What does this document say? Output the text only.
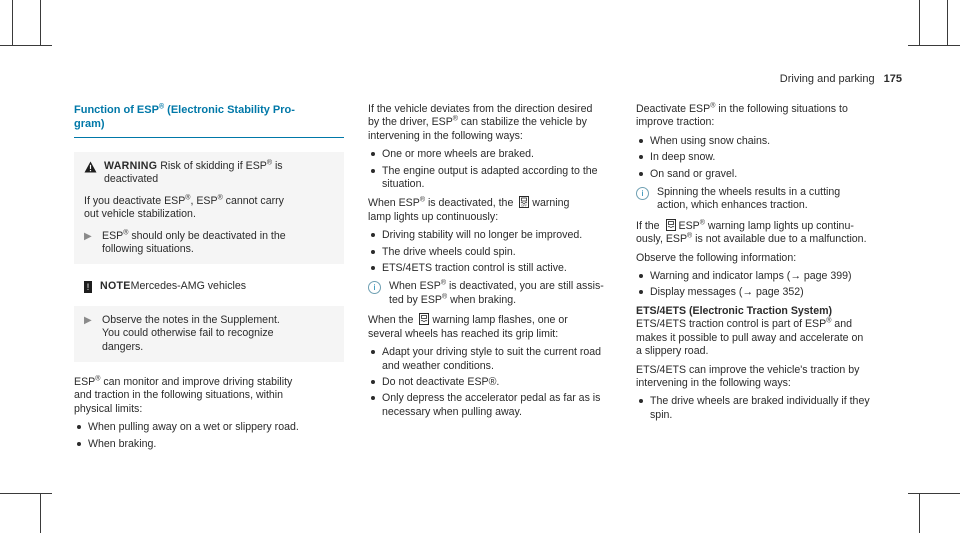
Driving and parking 175
Function of ESP® (Electronic Stability Pro-
gram)
WARNING Risk of skidding if ESP® is
deactivated

If you deactivate ESP®, ESP® cannot carry
out vehicle stabilization.

▶ ESP® should only be deactivated in the
following situations.
! NOTE Mercedes-AMG vehicles
▶ Observe the notes in the Supplement.
You could otherwise fail to recognize
dangers.

ESP® can monitor and improve driving stability
and traction in the following situations, within
physical limits:

When pulling away on a wet or slippery road.
When braking.

If the vehicle deviates from the direction desired
by the driver, ESP® can stabilize the vehicle by
intervening in the following ways:

One or more wheels are braked.
The engine output is adapted according to the situation.

When ESP® is deactivated, the	OFF warning
lamp lights up continuously:

Driving stability will no longer be improved.
The drive wheels could spin.
ETS/4ETS traction control is still active.
i	When ESP® is deactivated, you are still assis-
ted by ESP® when braking.

When the warning lamp flashes, one or
several wheels has reached its grip limit:

Adapt your driving style to suit the current road and weather conditions.
Do not deactivate ESP®.
Only depress the accelerator pedal as far as is necessary when pulling away.

Deactivate ESP® in the following situations to
improve traction:

When using snow chains.
In deep snow.
On sand or gravel.
i	Spinning the wheels results in a cutting
action, which enhances traction.

If the ESP® warning lamp lights up continu-
ously, ESP® is not available due to a malfunction.

Observe the following information:

Warning and indicator lamps (→ page 399)
Display messages (→ page 352)

ETS/4ETS (Electronic Traction System)

ETS/4ETS traction control is part of ESP® and
makes it possible to pull away and accelerate on
a slippery road.

ETS/4ETS can improve the vehicle's traction by
intervening in the following ways:

The drive wheels are braked individually if they spin.
